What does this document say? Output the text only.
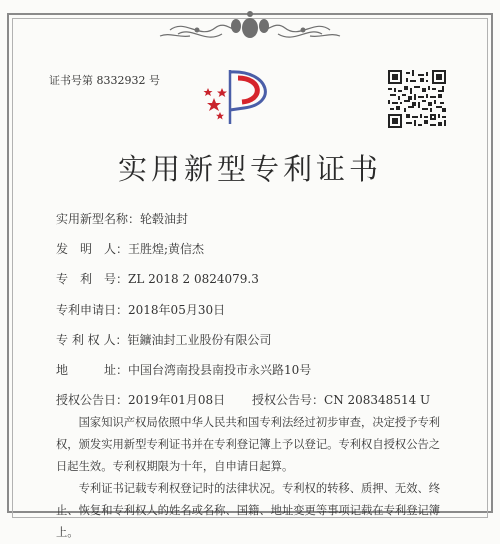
证书号第 8332932 号
实用新型专利证书
实用新型名称：轮毂油封
发　明　人：王胜煌;黄信杰
专　利　号：ZL 2018 2 0824079.3
专利申请日：2018年05月30日
专 利 权 人：钜鑛油封工业股份有限公司
地　　　址：中国台湾南投县南投市永兴路10号
授权公告日：2019年01月08日 授权公告号：CN 208348514 U

国家知识产权局依照中华人民共和国专利法经过初步审查，决定授予专利权，颁发实用新型专利证书并在专利登记簿上予以登记。专利权自授权公告之日起生效。专利权期限为十年，自申请日起算。

专利证书记载专利权登记时的法律状况。专利权的转移、质押、无效、终止、恢复和专利权人的姓名或名称、国籍、地址变更等事项记载在专利登记簿上。
